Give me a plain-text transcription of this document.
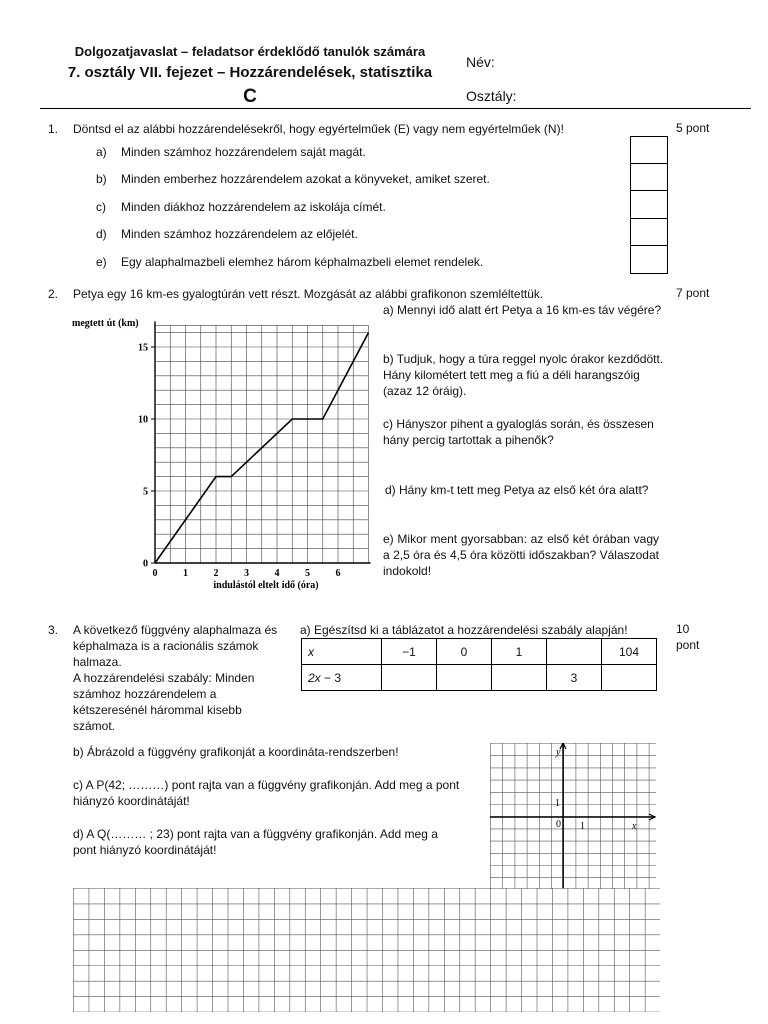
Dolgozatjavaslat – feladatsor érdeklődő tanulók számára
7. osztály VII. fejezet – Hozzárendelések, statisztika
C
Név:
Osztály:
1. Döntsd el az alábbi hozzárendelésekről, hogy egyértelműek (E) vagy nem egyértelműek (N)!	5 pont
a) Minden számhoz hozzárendelem saját magát.
b) Minden emberhez hozzárendelem azokat a könyveket, amiket szeret.
c) Minden diákhoz hozzárendelem az iskolája címét.
d) Minden számhoz hozzárendelem az előjelét.
e) Egy alaphalmazbeli elemhez három képhalmazbeli elemet rendelek.
2. Petya egy 16 km-es gyalogtúrán vett részt. Mozgását az alábbi grafikonon szemléltettük.	7 pont
0	1	2	3	4	5	6
0
5
10
15
megtett út (km)
indulástól eltelt idő (óra)
a) Mennyi idő alatt ért Petya a 16 km-es táv végére?
b) Tudjuk, hogy a túra reggel nyolc órakor kezdődött. Hány kilométert tett meg a fiú a déli harangszóig (azaz 12 óráig).
c) Hányszor pihent a gyaloglás során, és összesen hány percig tartottak a pihenők?
d) Hány km-t tett meg Petya az első két óra alatt?
e) Mikor ment gyorsabban: az első két órában vagy a 2,5 óra és 4,5 óra közötti időszakban? Válaszodat indokold!
3. A következő függvény alaphalmaza és képhalmaza is a racionális számok halmaza.
A hozzárendelési szabály: Minden számhoz hozzárendelem a kétszeresénél hárommal kisebb számot.
a) Egészítsd ki a táblázatot a hozzárendelési szabály alapján!	10
pont
x	−1	0	1		104
2x − 3				3	
b) Ábrázold a függvény grafikonját a koordináta-rendszerben!
c) A P(42; ………) pont rajta van a függvény grafikonján. Add meg a pont hiányzó koordinátáját!
d) A Q(……… ; 23) pont rajta van a függvény grafikonján. Add meg a pont hiányzó koordinátáját!
y
x
1
1
0
